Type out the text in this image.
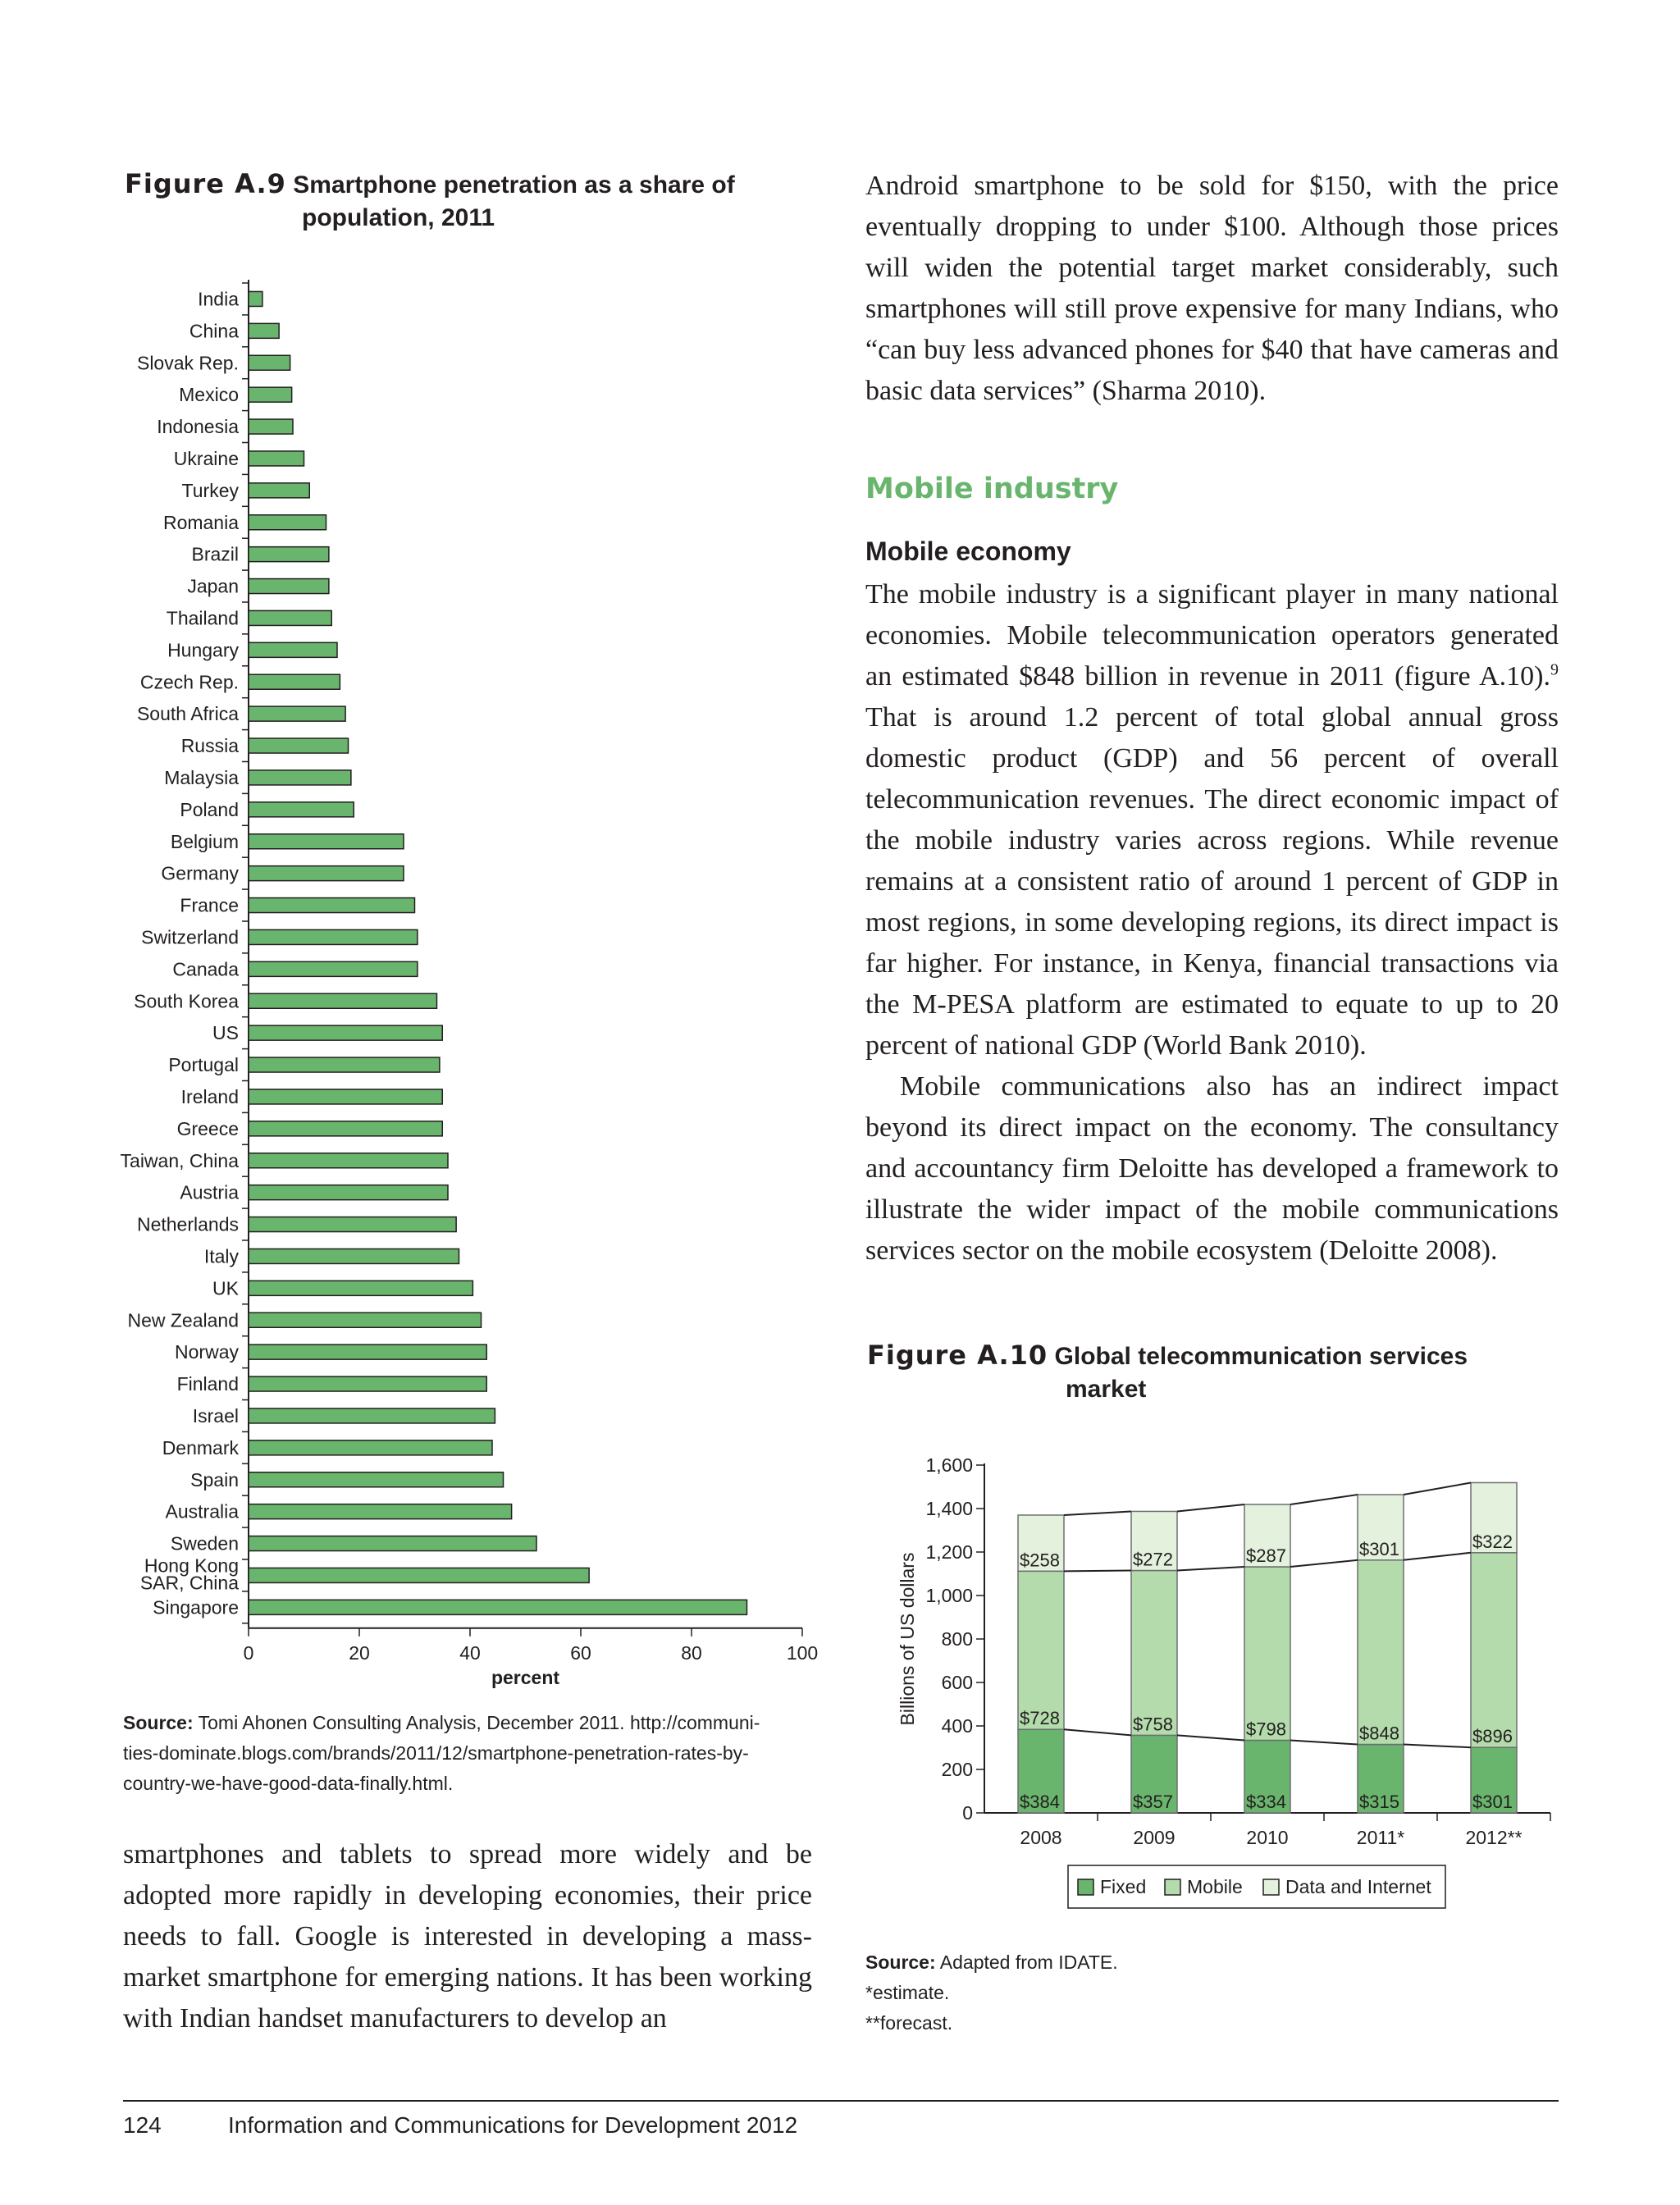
Figure A.9 Smartphone penetration as a share of
population, 2011
India
China
Slovak Rep.
Mexico
Indonesia
Ukraine
Turkey
Romania
Brazil
Japan
Thailand
Hungary
Czech Rep.
South Africa
Russia
Malaysia
Poland
Belgium
Germany
France
Switzerland
Canada
South Korea
US
Portugal
Ireland
Greece
Taiwan, China
Austria
Netherlands
Italy
UK
New Zealand
Norway
Finland
Israel
Denmark
Spain
Australia
Sweden
Hong Kong SAR, China
Singapore
0	20	40	60	80	100
percent
Source: Tomi Ahonen Consulting Analysis, December 2011. http://communi-
ties-dominate.blogs.com/brands/2011/12/smartphone-penetration-rates-by-
country-we-have-good-data-finally.html.

smartphones and tablets to spread more widely and be adopted more rapidly in developing economies, their price needs to fall. Google is interested in developing a mass-market smartphone for emerging nations. It has been working with Indian handset manufacturers to develop an

Android smartphone to be sold for $150, with the price eventually dropping to under $100. Although those prices will widen the potential target market considerably, such smartphones will still prove expensive for many Indians, who “can buy less advanced phones for $40 that have cameras and basic data services” (Sharma 2010).

Mobile industry
Mobile economy

The mobile industry is a significant player in many national economies. Mobile telecommunication operators generated an estimated $848 billion in revenue in 2011 (figure A.10).$^9$ That is around 1.2 percent of total global annual gross domestic product (GDP) and 56 percent of overall telecommunication revenues. The direct economic impact of the mobile industry varies across regions. While revenue remains at a consistent ratio of around 1 percent of GDP in most regions, in some developing regions, its direct impact is far higher. For instance, in Kenya, financial transactions via the M-PESA platform are estimated to equate to up to 20 percent of national GDP (World Bank 2010).

Mobile communications also has an indirect impact beyond its direct impact on the economy. The consultancy and accountancy firm Deloitte has developed a framework to illustrate the wider impact of the mobile communications services sector on the mobile ecosystem (Deloitte 2008).

Figure A.10 Global telecommunication services
market
0
200
400
600
800
1,000
1,200
1,400
1,600
Billions of US dollars
$384
$728
$258
2008
$357
$758
$272
2009
$334
$798
$287
2010
$315
$848
$301
2011*
$301
$896
$322
2012**
Fixed Mobile Data and Internet
Source: Adapted from IDATE.
*estimate.
**forecast.
124	Information and Communications for Development 2012
